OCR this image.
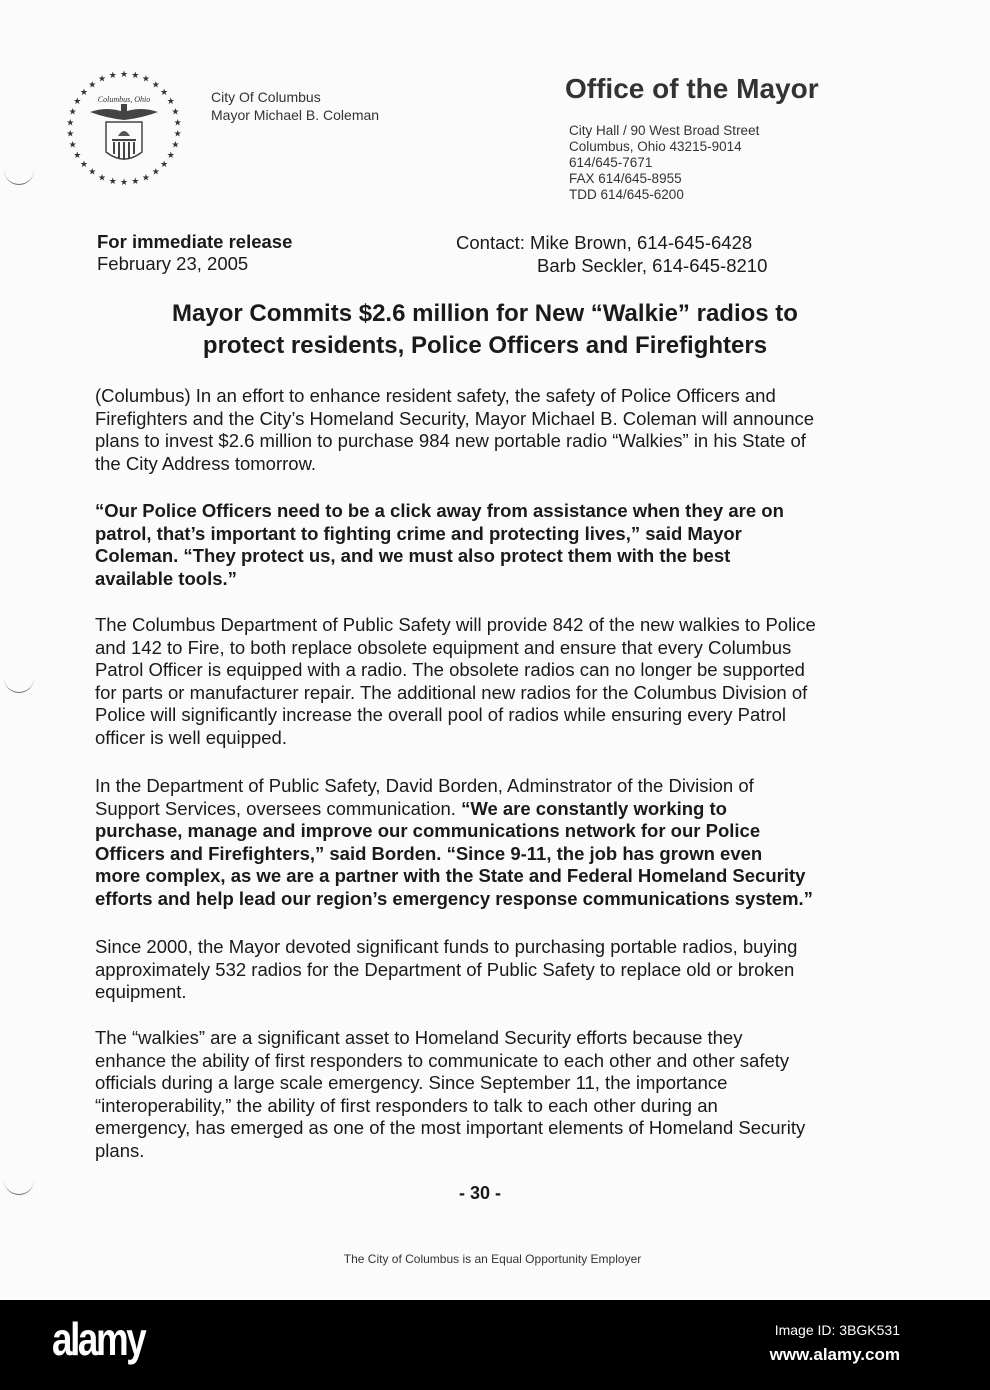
★ ★ ★
★
★
★
★
★
★
★
★
★
★
★
★
★
★
★
★
★
★
★
★
★
★
★
★
★
★ ★
Columbus, Ohio	City Of Columbus
Mayor Michael B. Coleman
Office of the Mayor
City Hall / 90 West Broad Street
Columbus, Ohio 43215-9014
614/645-7671
FAX 614/645-8955
TDD 614/645-6200
For immediate release
February 23, 2005
Contact: Mike Brown, 614-645-6428
Barb Seckler, 614-645-8210
Mayor Commits $2.6 million for New “Walkie” radios to
protect residents, Police Officers and Firefighters
(Columbus) In an effort to enhance resident safety, the safety of Police Officers and
Firefighters and the City’s Homeland Security, Mayor Michael B. Coleman will announce
plans to invest $2.6 million to purchase 984 new portable radio “Walkies” in his State of
the City Address tomorrow.
“Our Police Officers need to be a click away from assistance when they are on
patrol, that’s important to fighting crime and protecting lives,” said Mayor
Coleman. “They protect us, and we must also protect them with the best
available tools.”
The Columbus Department of Public Safety will provide 842 of the new walkies to Police
and 142 to Fire, to both replace obsolete equipment and ensure that every Columbus
Patrol Officer is equipped with a radio. The obsolete radios can no longer be supported
for parts or manufacturer repair. The additional new radios for the Columbus Division of
Police will significantly increase the overall pool of radios while ensuring every Patrol
officer is well equipped.
In the Department of Public Safety, David Borden, Adminstrator of the Division of
Support Services, oversees communication. “We are constantly working to
purchase, manage and improve our communications network for our Police
Officers and Firefighters,” said Borden. “Since 9-11, the job has grown even
more complex, as we are a partner with the State and Federal Homeland Security
efforts and help lead our region’s emergency response communications system.”
Since 2000, the Mayor devoted significant funds to purchasing portable radios, buying
approximately 532 radios for the Department of Public Safety to replace old or broken
equipment.
The “walkies” are a significant asset to Homeland Security efforts because they
enhance the ability of first responders to communicate to each other and other safety
officials during a large scale emergency. Since September 11, the importance
“interoperability,” the ability of first responders to talk to each other during an
emergency, has emerged as one of the most important elements of Homeland Security
plans.
- 30 -
The City of Columbus is an Equal Opportunity Employer
alamy	Image ID: 3BGK531
www.alamy.com
